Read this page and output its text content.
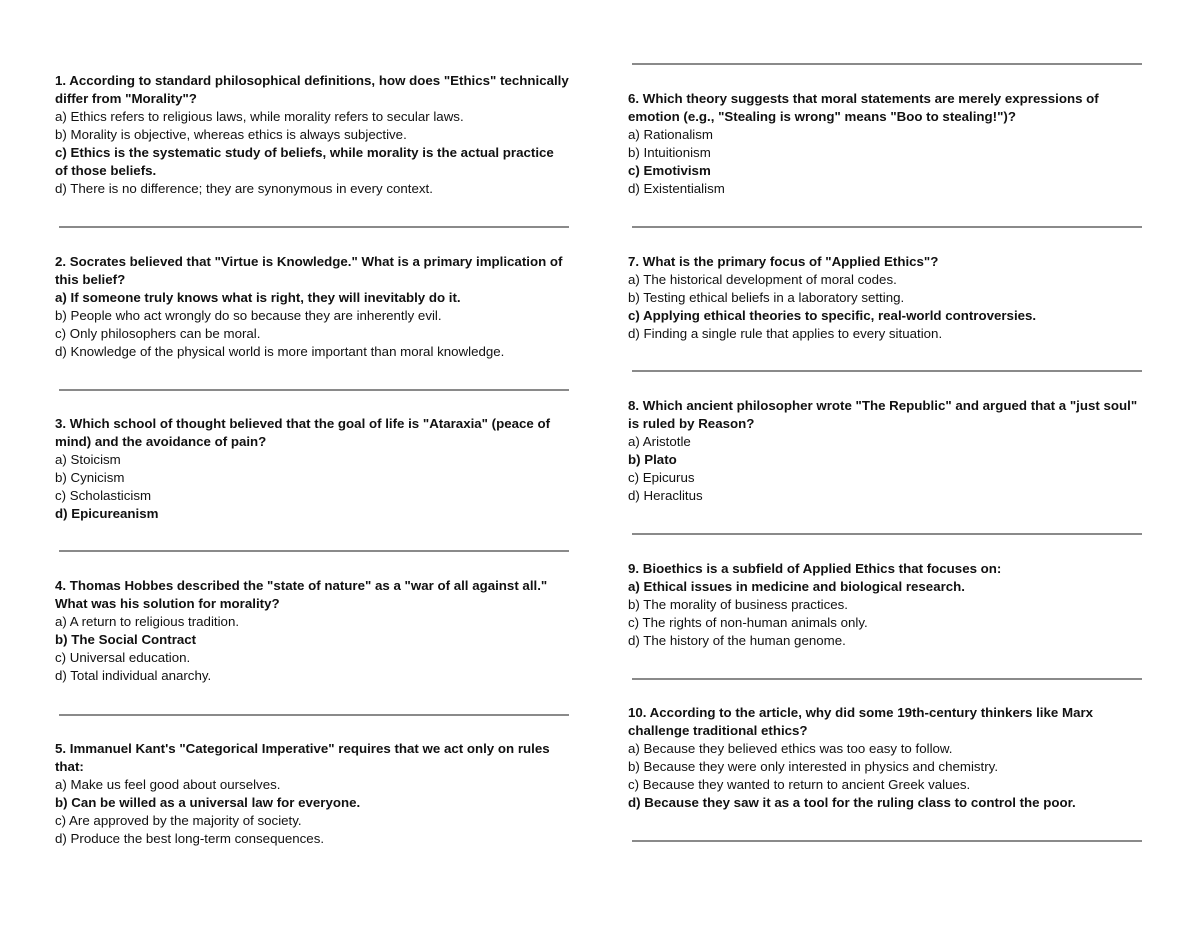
1. According to standard philosophical definitions, how does "Ethics" technically differ from "Morality"?
a) Ethics refers to religious laws, while morality refers to secular laws.
b) Morality is objective, whereas ethics is always subjective.
c) Ethics is the systematic study of beliefs, while morality is the actual practice of those beliefs.
d) There is no difference; they are synonymous in every context.
2. Socrates believed that "Virtue is Knowledge." What is a primary implication of this belief?
a) If someone truly knows what is right, they will inevitably do it.
b) People who act wrongly do so because they are inherently evil.
c) Only philosophers can be moral.
d) Knowledge of the physical world is more important than moral knowledge.
3. Which school of thought believed that the goal of life is "Ataraxia" (peace of mind) and the avoidance of pain?
a) Stoicism
b) Cynicism
c) Scholasticism
d) Epicureanism
4. Thomas Hobbes described the "state of nature" as a "war of all against all." What was his solution for morality?
a) A return to religious tradition.
b) The Social Contract
c) Universal education.
d) Total individual anarchy.
5. Immanuel Kant's "Categorical Imperative" requires that we act only on rules that:
a) Make us feel good about ourselves.
b) Can be willed as a universal law for everyone.
c) Are approved by the majority of society.
d) Produce the best long-term consequences.
6. Which theory suggests that moral statements are merely expressions of emotion (e.g., "Stealing is wrong" means "Boo to stealing!")?
a) Rationalism
b) Intuitionism
c) Emotivism
d) Existentialism
7. What is the primary focus of "Applied Ethics"?
a) The historical development of moral codes.
b) Testing ethical beliefs in a laboratory setting.
c) Applying ethical theories to specific, real-world controversies.
d) Finding a single rule that applies to every situation.
8. Which ancient philosopher wrote "The Republic" and argued that a "just soul" is ruled by Reason?
a) Aristotle
b) Plato
c) Epicurus
d) Heraclitus
9. Bioethics is a subfield of Applied Ethics that focuses on:
a) Ethical issues in medicine and biological research.
b) The morality of business practices.
c) The rights of non-human animals only.
d) The history of the human genome.
10. According to the article, why did some 19th-century thinkers like Marx challenge traditional ethics?
a) Because they believed ethics was too easy to follow.
b) Because they were only interested in physics and chemistry.
c) Because they wanted to return to ancient Greek values.
d) Because they saw it as a tool for the ruling class to control the poor.
